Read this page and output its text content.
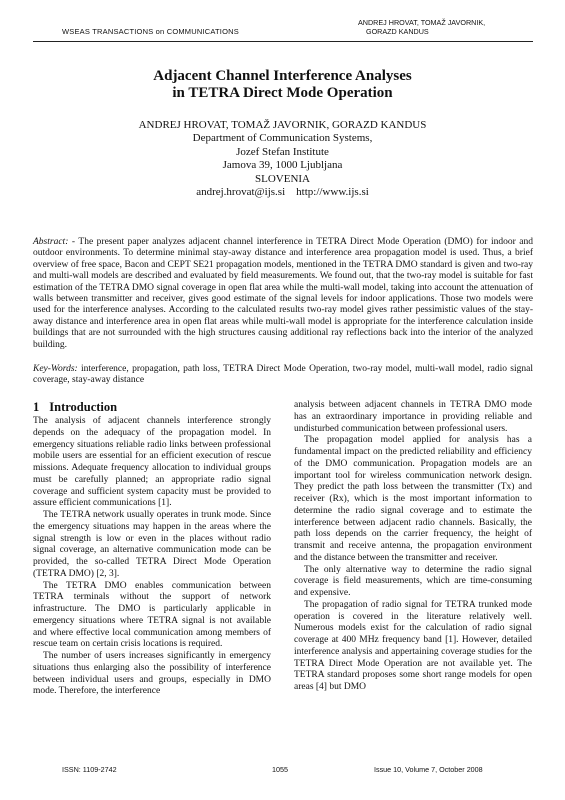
WSEAS TRANSACTIONS on COMMUNICATIONS
ANDREJ HROVAT, TOMAŽ JAVORNIK,
GORAZD KANDUS
Adjacent Channel Interference Analyses
in TETRA Direct Mode Operation
ANDREJ HROVAT, TOMAŽ JAVORNIK, GORAZD KANDUS
Department of Communication Systems,
Jozef Stefan Institute
Jamova 39, 1000 Ljubljana
SLOVENIA
andrej.hrovat@ijs.si    http://www.ijs.si
Abstract: - The present paper analyzes adjacent channel interference in TETRA Direct Mode Operation (DMO) for indoor and outdoor environments. To determine minimal stay-away distance and interference area propagation model is used. Thus, a brief overview of free space, Bacon and CEPT SE21 propagation models, mentioned in the TETRA DMO standard is given and two-ray and multi-wall models are described and evaluated by field measurements. We found out, that the two-ray model is suitable for fast estimation of the TETRA DMO signal coverage in open flat area while the multi-wall model, taking into account the attenuation of walls between transmitter and receiver, gives good estimate of the signal levels for indoor applications. Those two models were used for the interference analyses. According to the calculated results two-ray model gives rather pessimistic values of the stay-away distance and interference area in open flat areas while multi-wall model is appropriate for the interference calculation inside buildings that are not surrounded with the high structures causing additional ray reflections back into the interior of the analyzed building.
Key-Words: interference, propagation, path loss, TETRA Direct Mode Operation, two-ray model, multi-wall model, radio signal coverage, stay-away distance
1 Introduction

The analysis of adjacent channels interference strongly depends on the adequacy of the propagation model. In emergency situations reliable radio links between professional mobile users are essential for an efficient execution of rescue missions. Adequate frequency allocation to individual groups must be carefully planned; an appropriate radio signal coverage and sufficient system capacity must be provided to assure efficient communications [1].

The TETRA network usually operates in trunk mode. Since the emergency situations may happen in the areas where the signal strength is low or even in the places without radio signal coverage, an alternative communication mode can be provided, the so-called TETRA Direct Mode Operation (TETRA DMO) [2, 3].

The TETRA DMO enables communication between TETRA terminals without the support of network infrastructure. The DMO is particularly applicable in emergency situations where TETRA signal is not available and where effective local communication among members of rescue team on certain crisis locations is required.

The number of users increases significantly in emergency situations thus enlarging also the possibility of interference between individual users and groups, especially in DMO mode. Therefore, the interference

analysis between adjacent channels in TETRA DMO mode has an extraordinary importance in providing reliable and undisturbed communication between professional users.

The propagation model applied for analysis has a fundamental impact on the predicted reliability and efficiency of the DMO communication. Propagation models are an important tool for wireless communication network design. They predict the path loss between the transmitter (Tx) and receiver (Rx), which is the most important information to determine the radio signal coverage and to estimate the interference between adjacent radio channels. Basically, the path loss depends on the carrier frequency, the height of transmit and receive antenna, the propagation environment and the distance between the transmitter and receiver.

The only alternative way to determine the radio signal coverage is field measurements, which are time-consuming and expensive.

The propagation of radio signal for TETRA trunked mode operation is covered in the literature relatively well. Numerous models exist for the calculation of radio signal coverage at 400 MHz frequency band [1]. However, detailed interference analysis and appertaining coverage studies for the TETRA Direct Mode Operation are not available yet. The TETRA standard proposes some short range models for open areas [4] but DMO

ISSN: 1109-2742	1055	Issue 10, Volume 7, October 2008
